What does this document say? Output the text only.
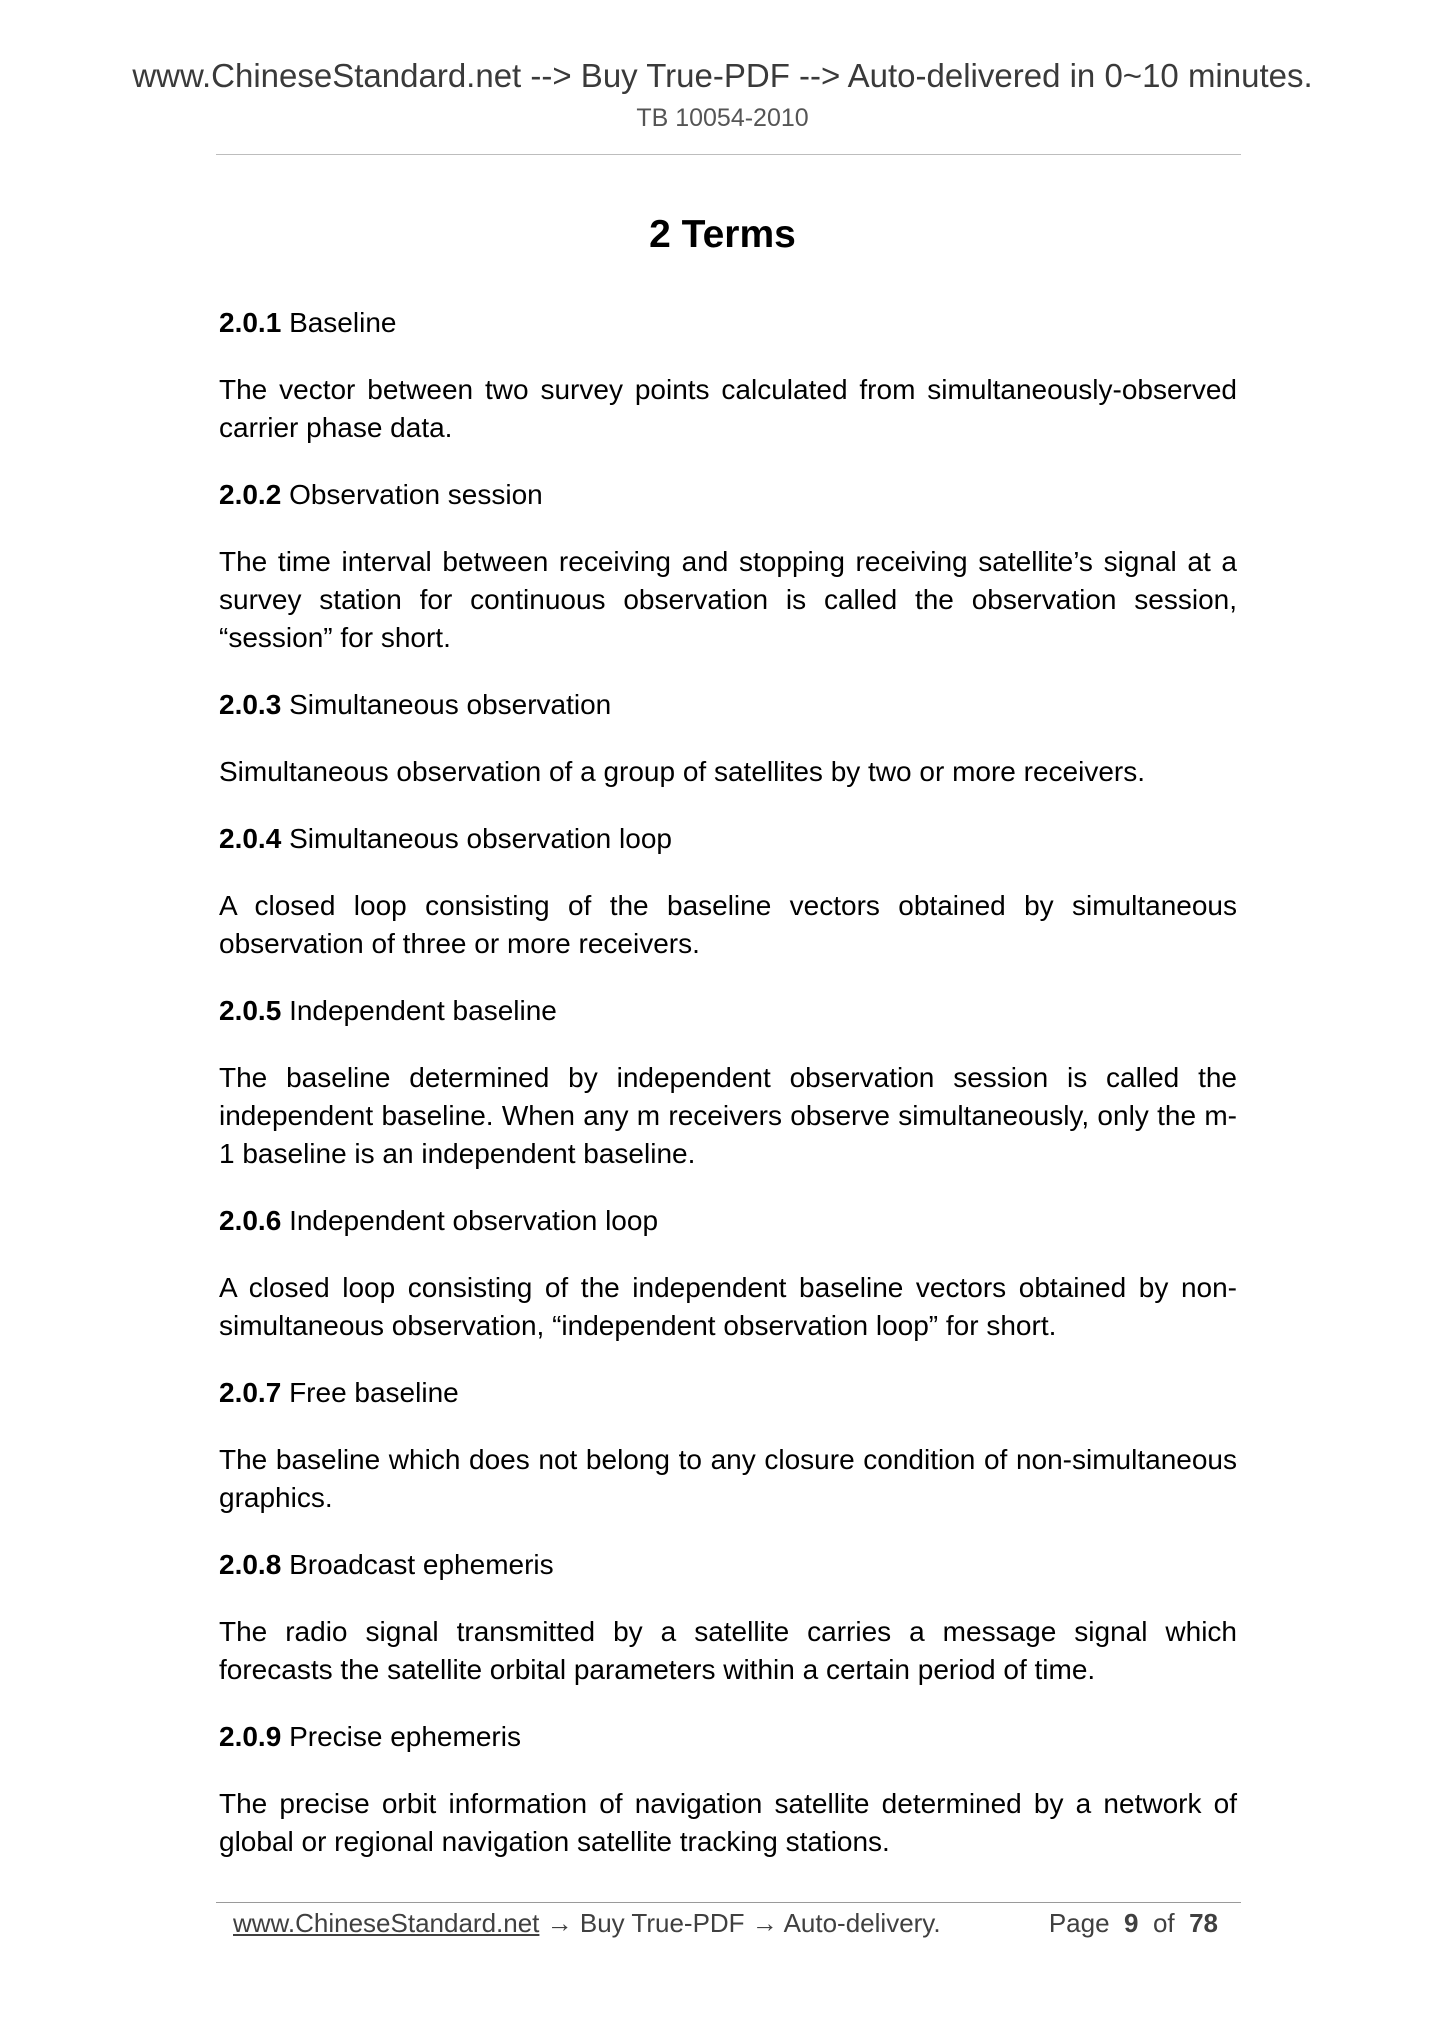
www.ChineseStandard.net --> Buy True-PDF --> Auto-delivered in 0~10 minutes.
TB 10054-2010
2 Terms

2.0.1 Baseline

The vector between two survey points calculated from simultaneously-observed carrier phase data.

2.0.2 Observation session

The time interval between receiving and stopping receiving satellite’s signal at a survey station for continuous observation is called the observation session, “session” for short.

2.0.3 Simultaneous observation

Simultaneous observation of a group of satellites by two or more receivers.

2.0.4 Simultaneous observation loop

A closed loop consisting of the baseline vectors obtained by simultaneous observation of three or more receivers.

2.0.5 Independent baseline

The baseline determined by independent observation session is called the independent baseline. When any m receivers observe simultaneously, only the m-1 baseline is an independent baseline.

2.0.6 Independent observation loop

A closed loop consisting of the independent baseline vectors obtained by non-simultaneous observation, “independent observation loop” for short.

2.0.7 Free baseline

The baseline which does not belong to any closure condition of non-simultaneous graphics.

2.0.8 Broadcast ephemeris

The radio signal transmitted by a satellite carries a message signal which forecasts the satellite orbital parameters within a certain period of time.

2.0.9 Precise ephemeris

The precise orbit information of navigation satellite determined by a network of global or regional navigation satellite tracking stations.

www.ChineseStandard.net → Buy True-PDF → Auto-delivery.	Page 9 of 78
